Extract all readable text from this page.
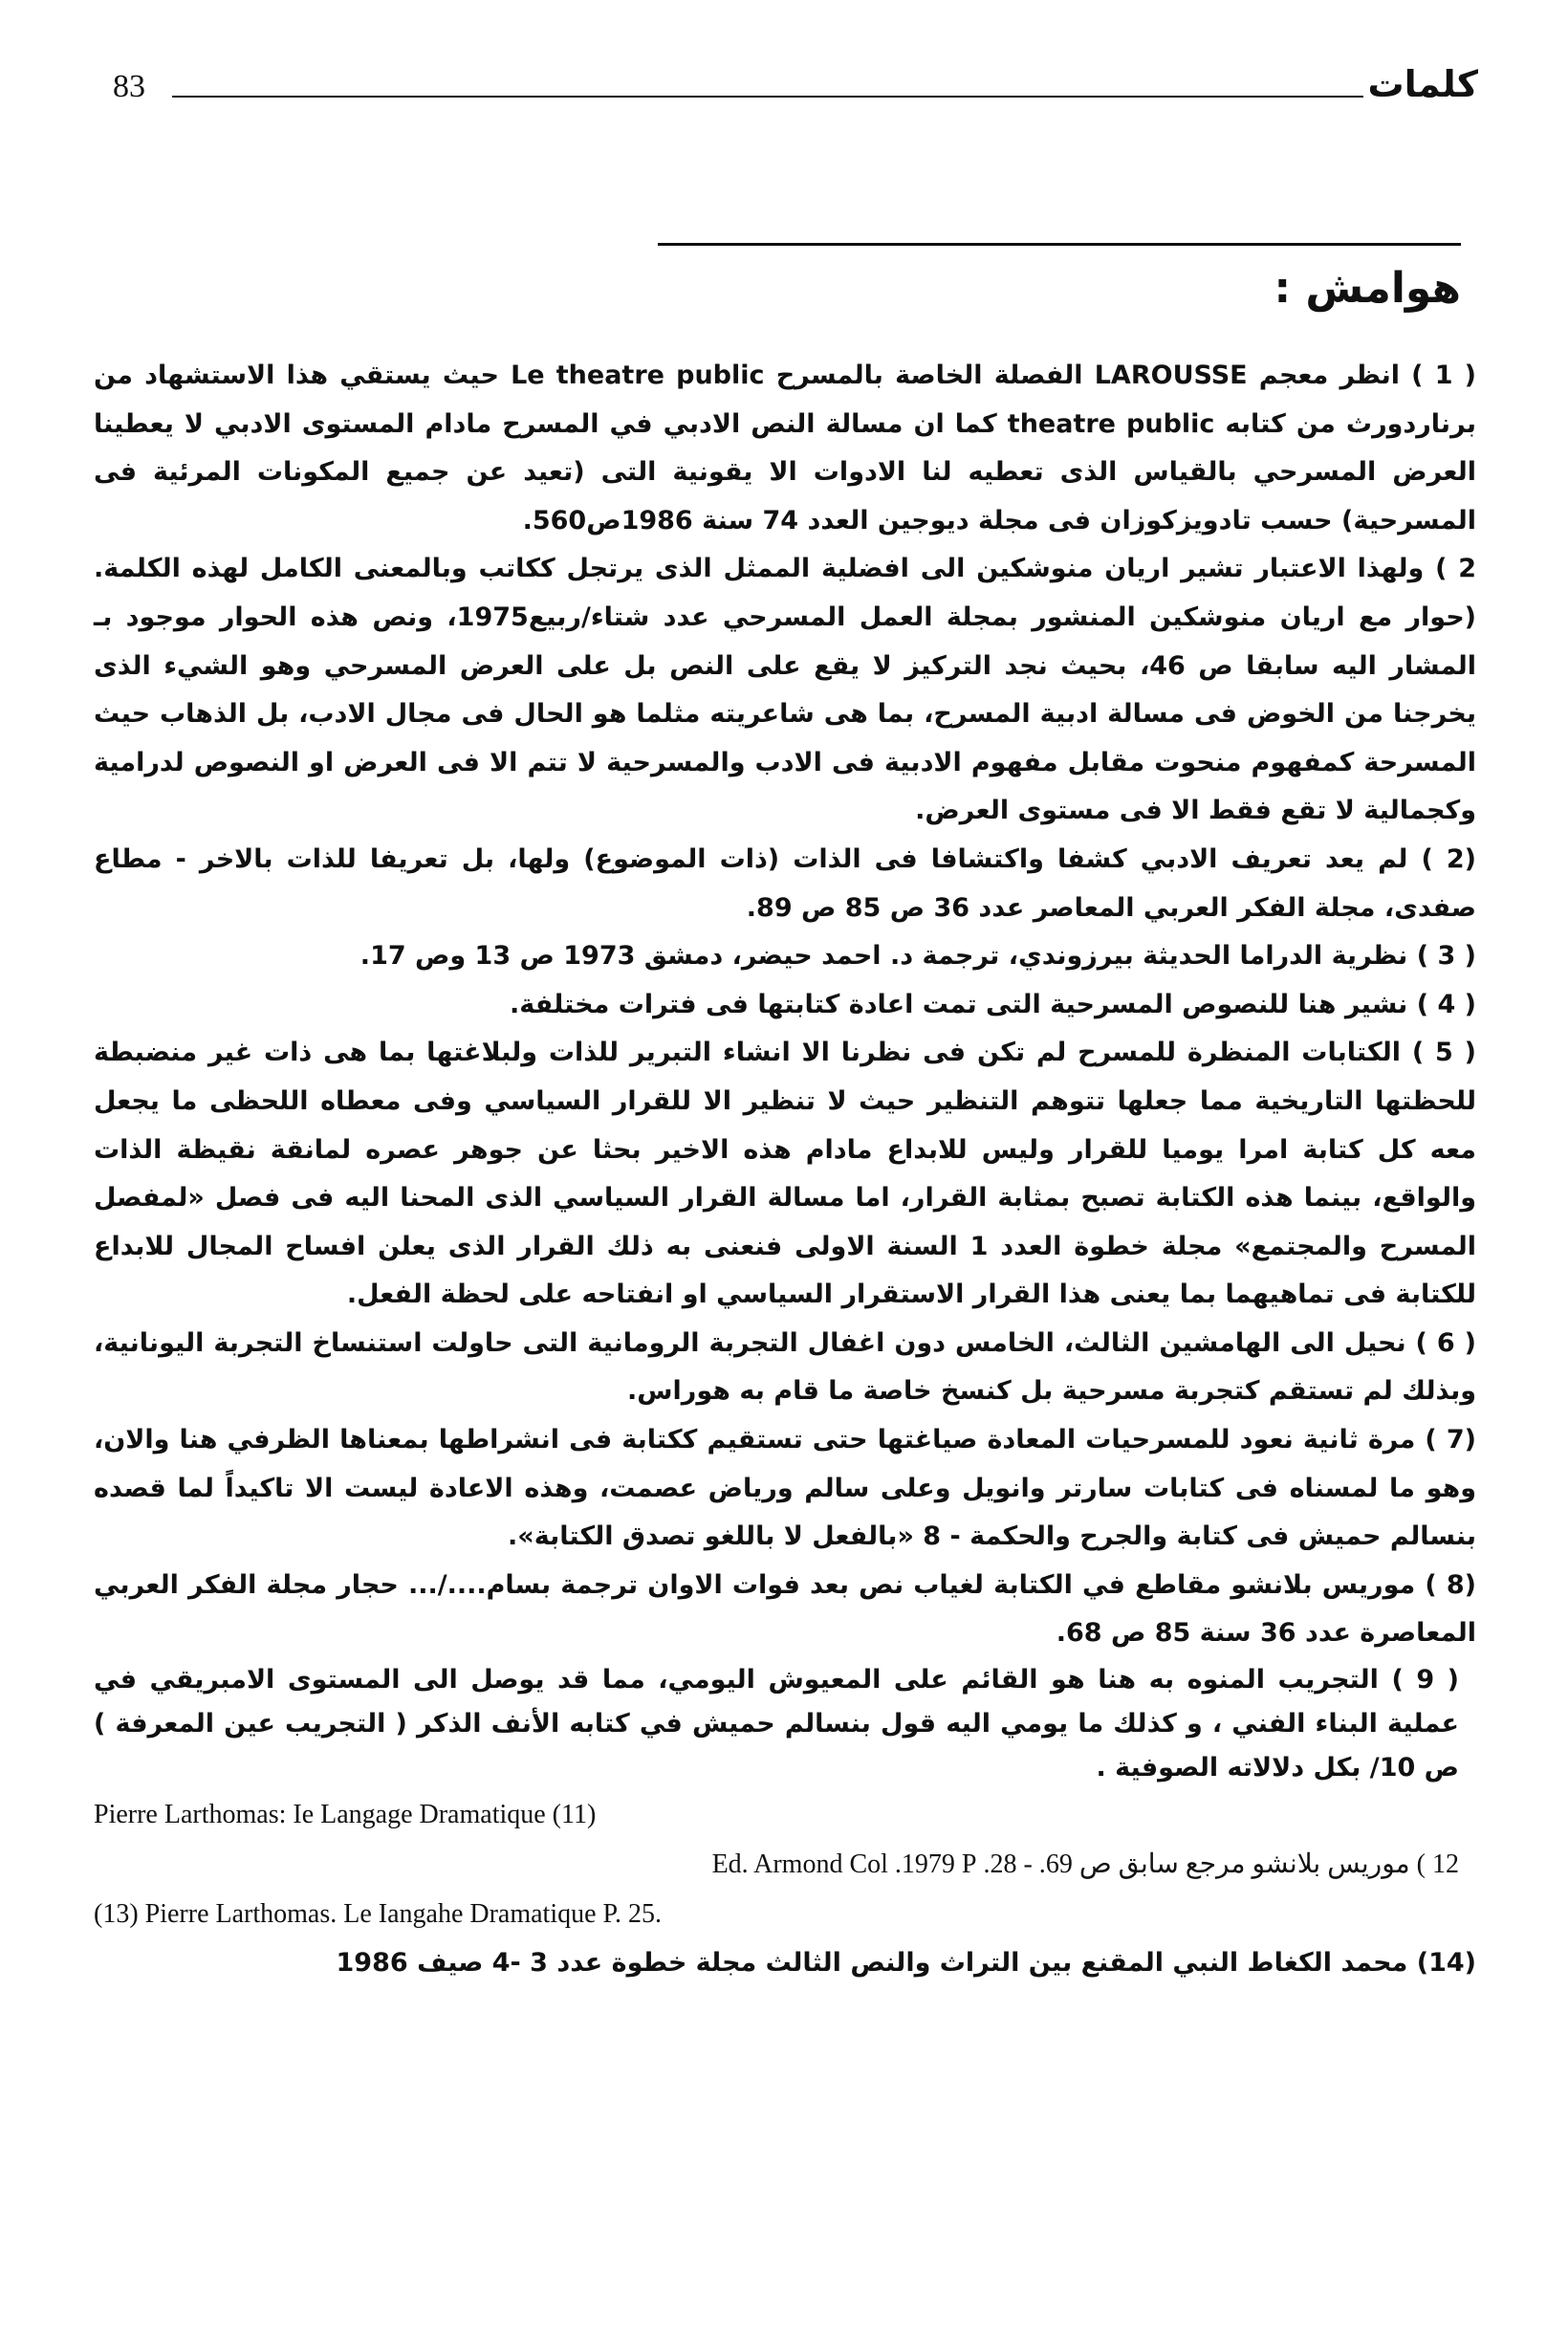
83	كلمات
هوامش :

( 1 ) انظر معجم LAROUSSE الفصلة الخاصة بالمسرح Le theatre public حيث يستقي هذا الاستشهاد من برناردورث من كتابه theatre public كما ان مسالة النص الادبي في المسرح مادام المستوى الادبي لا يعطينا العرض المسرحي بالقياس الذى تعطيه لنا الادوات الا يقونية التى (تعيد عن جميع المكونات المرئية فى المسرحية) حسب تادويزكوزان فى مجلة ديوجين العدد 74 سنة 1986ص560.

2 ) ولهذا الاعتبار تشير اريان منوشكين الى افضلية الممثل الذى يرتجل ككاتب وبالمعنى الكامل لهذه الكلمة. (حوار مع اريان منوشكين المنشور بمجلة العمل المسرحي عدد شتاء/ربيع1975، ونص هذه الحوار موجود بـ المشار اليه سابقا ص 46، بحيث نجد التركيز لا يقع على النص بل على العرض المسرحي وهو الشيء الذى يخرجنا من الخوض فى مسالة ادبية المسرح، بما هى شاعريته مثلما هو الحال فى مجال الادب، بل الذهاب حيث المسرحة كمفهوم منحوت مقابل مفهوم الادبية فى الادب والمسرحية لا تتم الا فى العرض او النصوص لدرامية وكجمالية لا تقع فقط الا فى مستوى العرض.

(2 ) لم يعد تعريف الادبي كشفا واكتشافا فى الذات (ذات الموضوع) ولها، بل تعريفا للذات بالاخر - مطاع صفدى، مجلة الفكر العربي المعاصر عدد 36 ص 85 ص 89.

( 3 ) نظرية الدراما الحديثة بيرزوندي، ترجمة د. احمد حيضر، دمشق 1973 ص 13 وص 17.

( 4 ) نشير هنا للنصوص المسرحية التى تمت اعادة كتابتها فى فترات مختلفة.

( 5 ) الكتابات المنظرة للمسرح لم تكن فى نظرنا الا انشاء التبرير للذات ولبلاغتها بما هى ذات غير منضبطة للحظتها التاريخية مما جعلها تتوهم التنظير حيث لا تنظير الا للقرار السياسي وفى معطاه اللحظى ما يجعل معه كل كتابة امرا يوميا للقرار وليس للابداع مادام هذه الاخير بحثا عن جوهر عصره لمانقة نقيظة الذات والواقع، بينما هذه الكتابة تصبح بمثابة القرار، اما مسالة القرار السياسي الذى المحنا اليه فى فصل «لمفصل المسرح والمجتمع» مجلة خطوة العدد 1 السنة الاولى فنعنى به ذلك القرار الذى يعلن افساح المجال للابداع للكتابة فى تماهيهما بما يعنى هذا القرار الاستقرار السياسي او انفتاحه على لحظة الفعل.

( 6 ) نحيل الى الهامشين الثالث، الخامس دون اغفال التجربة الرومانية التى حاولت استنساخ التجربة اليونانية، وبذلك لم تستقم كتجربة مسرحية بل كنسخ خاصة ما قام به هوراس.

(7 ) مرة ثانية نعود للمسرحيات المعادة صياغتها حتى تستقيم ككتابة فى انشراطها بمعناها الظرفي هنا والان، وهو ما لمسناه فى كتابات سارتر وانويل وعلى سالم ورياض عصمت، وهذه الاعادة ليست الا تاكيداً لما قصده بنسالم حميش فى كتابة والجرح والحكمة - 8 «بالفعل لا باللغو تصدق الكتابة».

(8 ) موريس بلانشو مقاطع في الكتابة لغياب نص بعد فوات الاوان ترجمة بسام..../... حجار مجلة الفكر العربي المعاصرة عدد 36 سنة 85 ص 68.

( 9 ) التجريب المنوه به هنا هو القائم على المعيوش اليومي، مما قد يوصل الى المستوى الامبريقي في عملية البناء الفني ، و كذلك ما يومي اليه قول بنسالم حميش في كتابه الأنف الذكر ( التجريب عين المعرفة ) ص 10/ بكل دلالاته الصوفية .

Pierre Larthomas: Ie Langage Dramatique (11)

12 ) موريس بلانشو مرجع سابق ص 69. - 28. Ed. Armond Col .1979 P

(13) Pierre Larthomas. Le Iangahe Dramatique P. 25.

(14) محمد الكغاط النبي المقنع بين التراث والنص الثالث مجلة خطوة عدد 3 -4 صيف 1986
